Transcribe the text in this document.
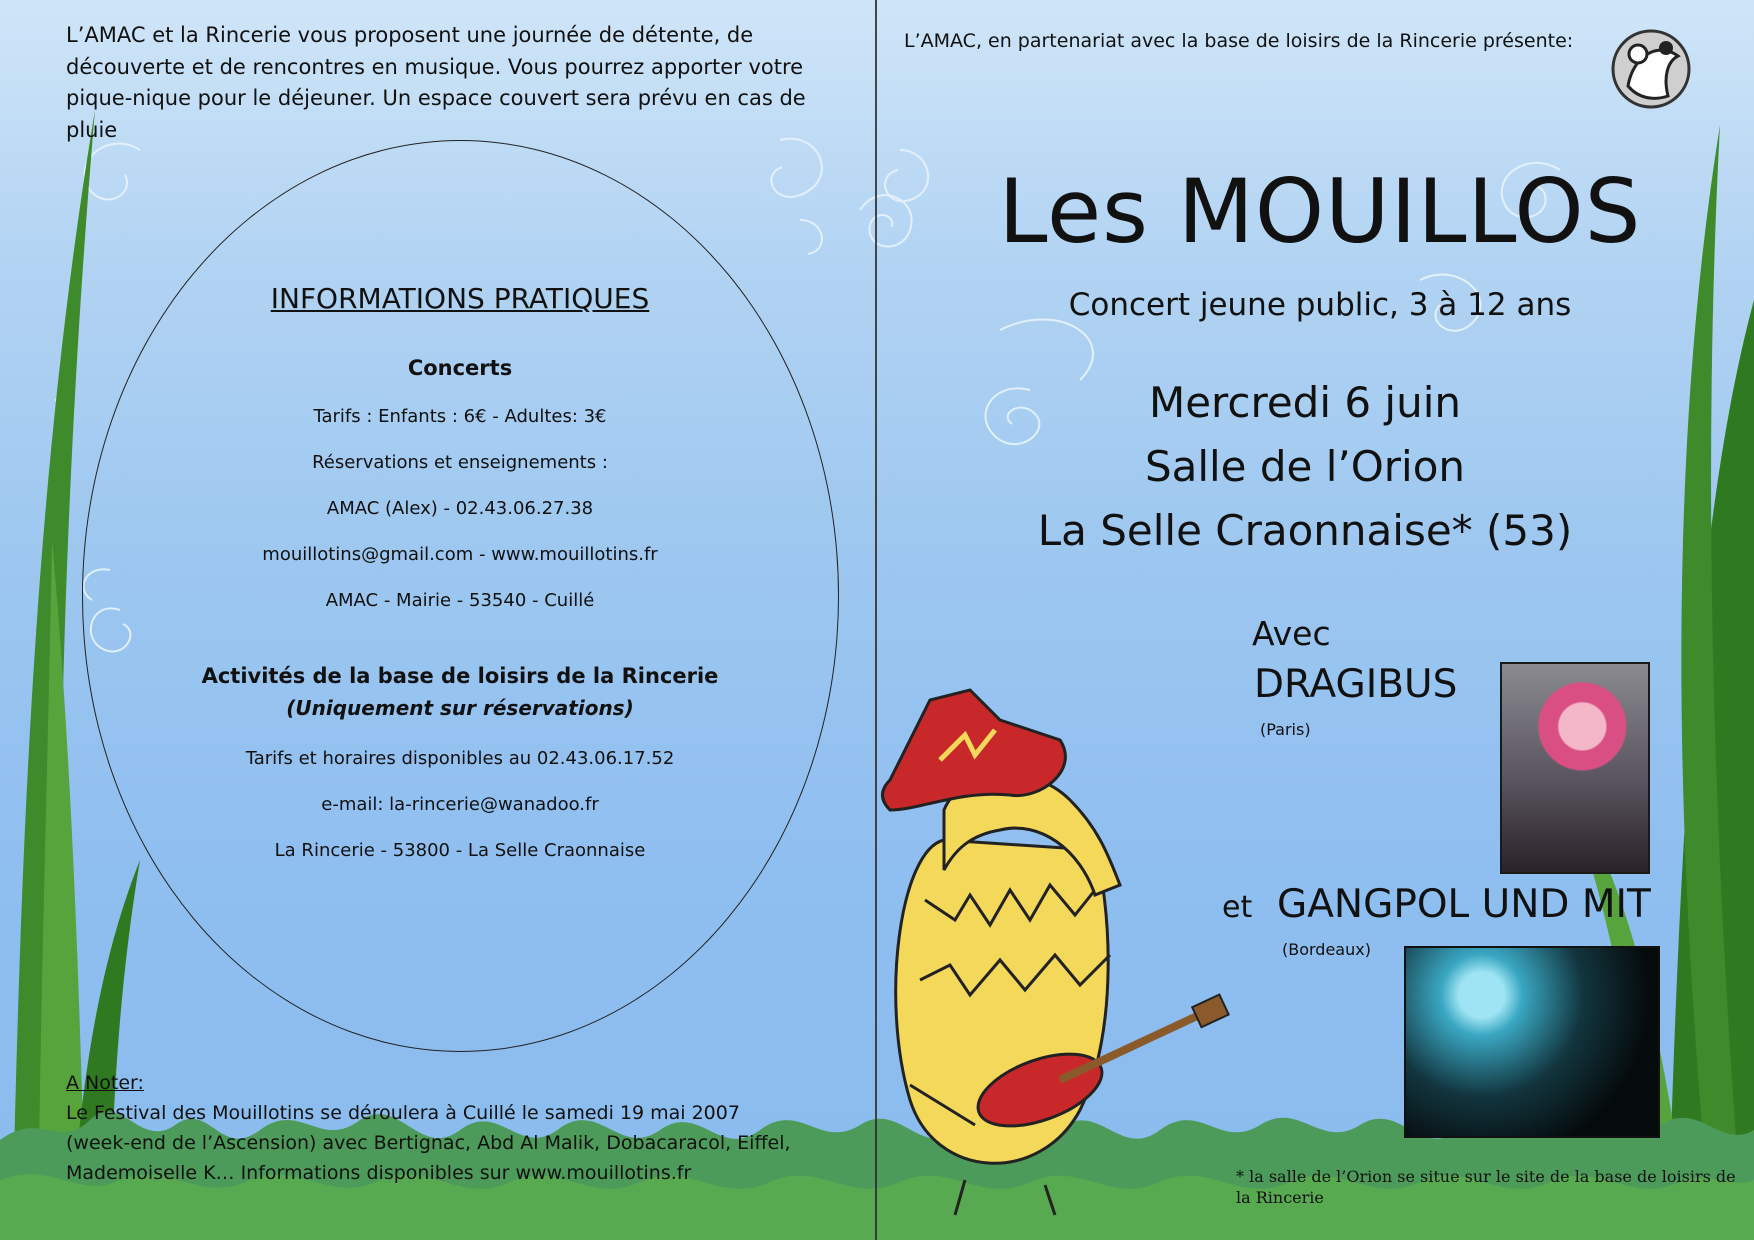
L’AMAC et la Rincerie vous proposent une journée de détente, de
découverte et de rencontres en musique. Vous pourrez apporter votre
pique-nique pour le déjeuner. Un espace couvert sera prévu en cas de
pluie
INFORMATIONS PRATIQUES
Concerts
Tarifs : Enfants : 6€ - Adultes: 3€
Réservations et enseignements :
AMAC (Alex) - 02.43.06.27.38
mouillotins@gmail.com - www.mouillotins.fr
AMAC - Mairie - 53540 - Cuillé
Activités de la base de loisirs de la Rincerie
(Uniquement sur réservations)
Tarifs et horaires disponibles au 02.43.06.17.52
e-mail: la-rincerie@wanadoo.fr
La Rincerie - 53800 - La Selle Craonnaise
A Noter:
Le Festival des Mouillotins se déroulera à Cuillé le samedi 19 mai 2007
(week-end de l’Ascension) avec Bertignac, Abd Al Malik, Dobacaracol, Eiffel,
Mademoiselle K… Informations disponibles sur www.mouillotins.fr
L’AMAC, en partenariat avec la base de loisirs de la Rincerie présente:
Les MOUILLOS
Concert jeune public, 3 à 12 ans
Mercredi 6 juin
Salle de l’Orion
La Selle Craonnaise* (53)
Avec
DRAGIBUS
(Paris)
et GANGPOL UND MIT
(Bordeaux)
* la salle de l’Orion se situe sur le site de la base de loisirs de la Rincerie
